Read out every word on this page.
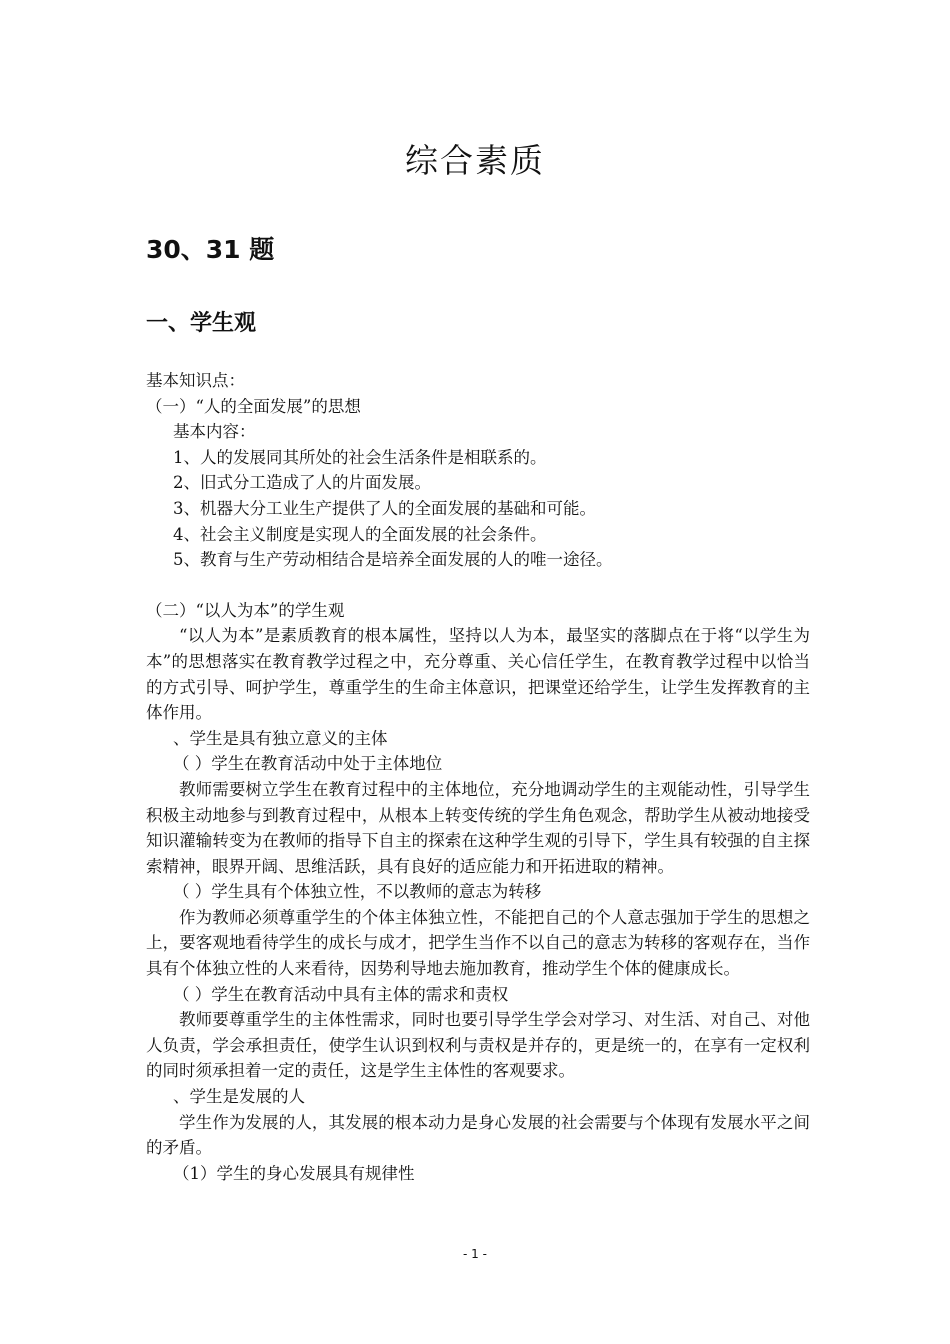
综合素质
30、31 题
一、学生观
基本知识点：
（一）“人的全面发展”的思想
基本内容：
1、人的发展同其所处的社会生活条件是相联系的。
2、旧式分工造成了人的片面发展。
3、机器大分工业生产提供了人的全面发展的基础和可能。
4、社会主义制度是实现人的全面发展的社会条件。
5、教育与生产劳动相结合是培养全面发展的人的唯一途径。
（二）“以人为本”的学生观
“以人为本”是素质教育的根本属性，坚持以人为本，最坚实的落脚点在于将“以学生为本”的思想落实在教育教学过程之中，充分尊重、关心信任学生，在教育教学过程中以恰当的方式引导、呵护学生，尊重学生的生命主体意识，把课堂还给学生，让学生发挥教育的主体作用。
、学生是具有独立意义的主体
（ ）学生在教育活动中处于主体地位
教师需要树立学生在教育过程中的主体地位，充分地调动学生的主观能动性，引导学生积极主动地参与到教育过程中，从根本上转变传统的学生角色观念，帮助学生从被动地接受知识灌输转变为在教师的指导下自主的探索在这种学生观的引导下，学生具有较强的自主探索精神，眼界开阔、思维活跃，具有良好的适应能力和开拓进取的精神。
（ ）学生具有个体独立性，不以教师的意志为转移
作为教师必须尊重学生的个体主体独立性，不能把自己的个人意志强加于学生的思想之上，要客观地看待学生的成长与成才，把学生当作不以自己的意志为转移的客观存在，当作具有个体独立性的人来看待，因势利导地去施加教育，推动学生个体的健康成长。
（ ）学生在教育活动中具有主体的需求和责权
教师要尊重学生的主体性需求，同时也要引导学生学会对学习、对生活、对自己、对他人负责，学会承担责任，使学生认识到权利与责权是并存的，更是统一的，在享有一定权利的同时须承担着一定的责任，这是学生主体性的客观要求。
、学生是发展的人
学生作为发展的人，其发展的根本动力是身心发展的社会需要与个体现有发展水平之间的矛盾。
（1）学生的身心发展具有规律性
- 1 -
